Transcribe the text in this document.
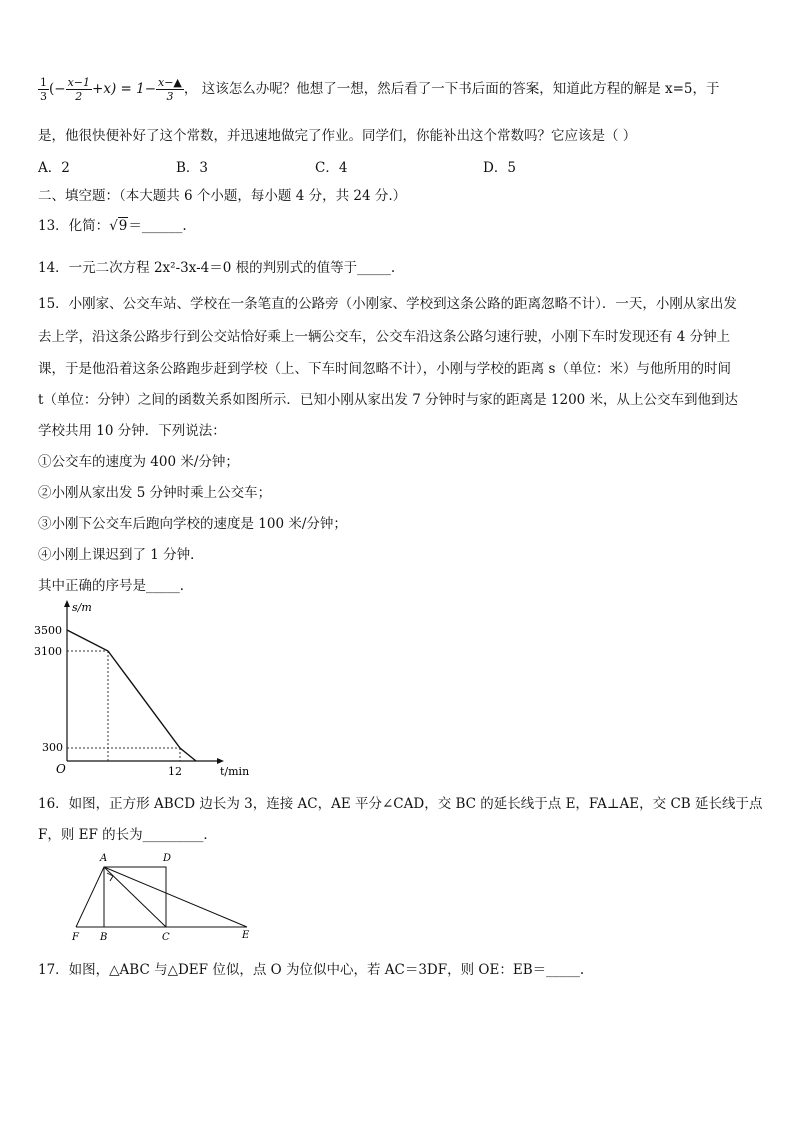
$\frac{1}{3}$ (− $\frac{x-1}{2} +x) = 1- \frac{x-▲}{3}$ ， 这该怎么办呢？他想了一想，然后看了一下书后面的答案，知道此方程的解是 x=5，于
是，他很快便补好了这个常数，并迅速地做完了作业。同学们，你能补出这个常数吗？它应该是（ ）
A．2	B．3	C．4	D．5
二、填空题：（本大题共 6 个小题，每小题 4 分，共 24 分.）
13．化简：√9＝______.
14．一元二次方程 2x²-3x-4＝0 根的判别式的值等于_____.
15．小刚家、公交车站、学校在一条笔直的公路旁（小刚家、学校到这条公路的距离忽略不计）．一天，小刚从家出发
去上学，沿这条公路步行到公交站恰好乘上一辆公交车，公交车沿这条公路匀速行驶，小刚下车时发现还有 4 分钟上
课，于是他沿着这条公路跑步赶到学校（上、下车时间忽略不计），小刚与学校的距离 s（单位：米）与他所用的时间
t（单位：分钟）之间的函数关系如图所示．已知小刚从家出发 7 分钟时与家的距离是 1200 米，从上公交车到他到达
学校共用 10 分钟．下列说法：
①公交车的速度为 400 米/分钟；
②小刚从家出发 5 分钟时乘上公交车；
③小刚下公交车后跑向学校的速度是 100 米/分钟；
④小刚上课迟到了 1 分钟．
其中正确的序号是_____．
s/m
t/min
O
3500
3100
300
12
16．如图，正方形 ABCD 边长为 3，连接 AC，AE 平分∠CAD，交 BC 的延长线于点 E，FA⊥AE，交 CB 延长线于点
F，则 EF 的长为_________．
A	D
F B	C	E
17．如图，△ABC 与△DEF 位似，点 O 为位似中心，若 AC＝3DF，则 OE：EB＝_____.
